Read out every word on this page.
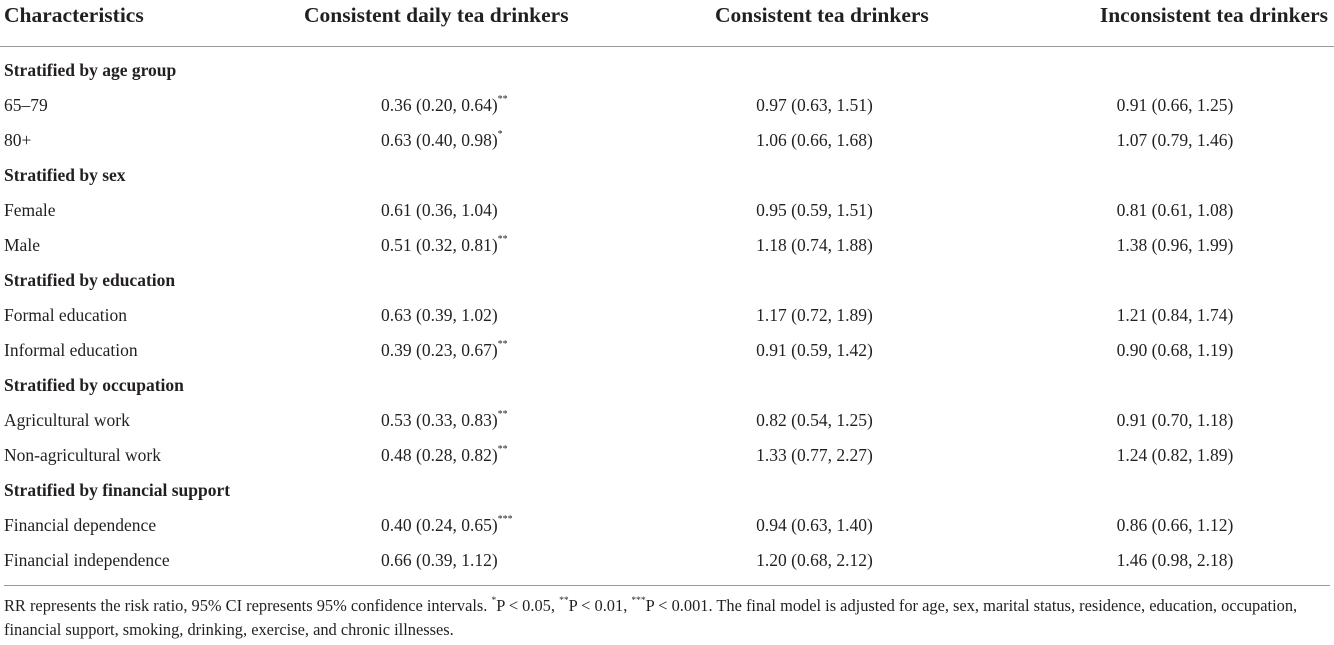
Characteristics	Consistent daily tea drinkers	Consistent tea drinkers	Inconsistent tea drinkers
Stratified by age group			
65–79	0.36 (0.20, 0.64)**	0.97 (0.63, 1.51)	0.91 (0.66, 1.25)
80+	0.63 (0.40, 0.98)*	1.06 (0.66, 1.68)	1.07 (0.79, 1.46)
Stratified by sex			
Female	0.61 (0.36, 1.04)	0.95 (0.59, 1.51)	0.81 (0.61, 1.08)
Male	0.51 (0.32, 0.81)**	1.18 (0.74, 1.88)	1.38 (0.96, 1.99)
Stratified by education			
Formal education	0.63 (0.39, 1.02)	1.17 (0.72, 1.89)	1.21 (0.84, 1.74)
Informal education	0.39 (0.23, 0.67)**	0.91 (0.59, 1.42)	0.90 (0.68, 1.19)
Stratified by occupation			
Agricultural work	0.53 (0.33, 0.83)**	0.82 (0.54, 1.25)	0.91 (0.70, 1.18)
Non-agricultural work	0.48 (0.28, 0.82)**	1.33 (0.77, 2.27)	1.24 (0.82, 1.89)
Stratified by financial support			
Financial dependence	0.40 (0.24, 0.65)***	0.94 (0.63, 1.40)	0.86 (0.66, 1.12)
Financial independence	0.66 (0.39, 1.12)	1.20 (0.68, 2.12)	1.46 (0.98, 2.18)
RR represents the risk ratio, 95% CI represents 95% confidence intervals. *P < 0.05, **P < 0.01, ***P < 0.001. The final model is adjusted for age, sex, marital status, residence, education, occupation, financial support, smoking, drinking, exercise, and chronic illnesses.
